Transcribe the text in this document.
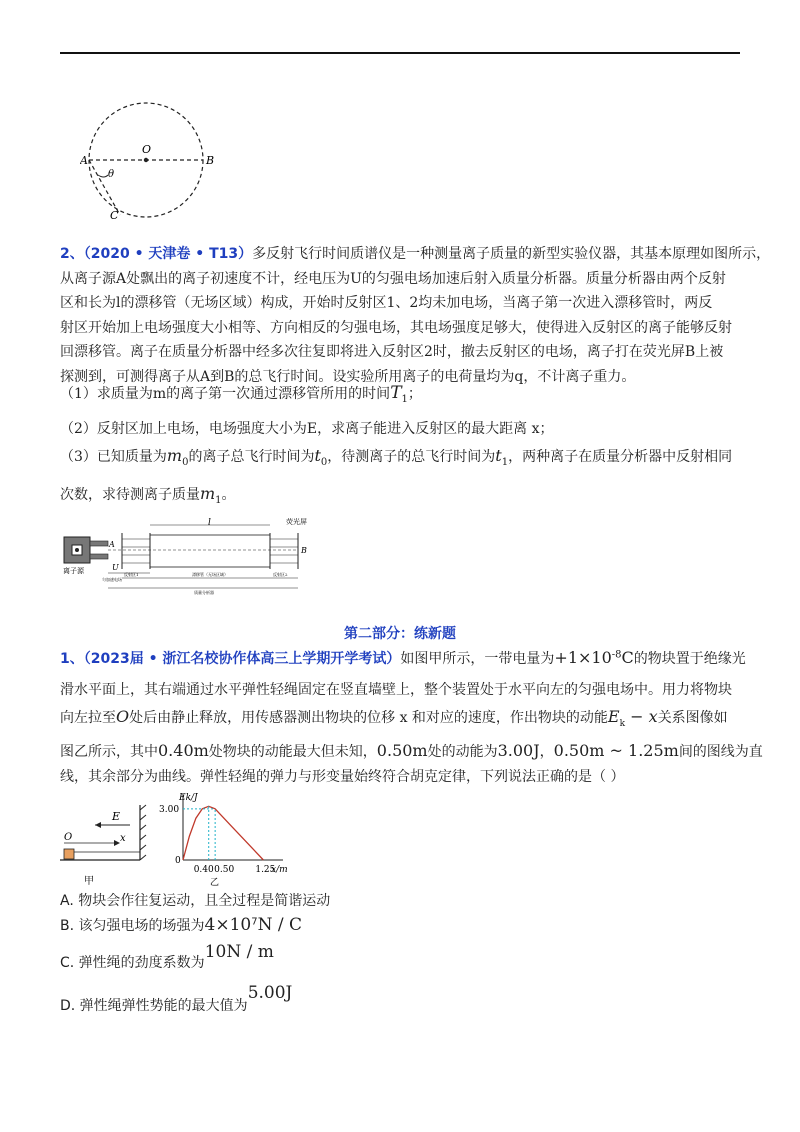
O
A	B
C
θ
2、（2020 • 天津卷 • T13）多反射飞行时间质谱仪是一种测量离子质量的新型实验仪器，其基本原理如图所示，
从离子源A处飘出的离子初速度不计，经电压为U的匀强电场加速后射入质量分析器。质量分析器由两个反射
区和长为l的漂移管（无场区域）构成，开始时反射区1、2均未加电场，当离子第一次进入漂移管时，两反
射区开始加上电场强度大小相等、方向相反的匀强电场，其电场强度足够大，使得进入反射区的离子能够反射
回漂移管。离子在质量分析器中经多次往复即将进入反射区2时，撤去反射区的电场，离子打在荧光屏B上被
探测到，可测得离子从A到B的总飞行时间。设实验所用离子的电荷量均为q，不计离子重力。
（1）求质量为m的离子第一次通过漂移管所用的时间$T_1$；
（2）反射区加上电场，电场强度大小为E，求离子能进入反射区的最大距离 x；
（3）已知质量为$m_0$的离子总飞行时间为$t_0$，待测离子的总飞行时间为$t_1$，两种离子在质量分析器中反射相同
次数，求待测离子质量$m_1$。
l	荧光屏
A
B
U
离子源
匀加速电场
反射区1	漂移管（无场区域）	反射区2
质量分析器
第二部分：练新题
1、（2023届 • 浙江名校协作体高三上学期开学考试）如图甲所示，一带电量为$+1\times 10^{-8}C$的物块置于绝缘光
滑水平面上，其右端通过水平弹性轻绳固定在竖直墙壁上，整个装置处于水平向左的匀强电场中。用力将物块
向左拉至O处后由静止释放，用传感器测出物块的位移 x 和对应的速度，作出物块的动能$E_k - x$关系图像如
图乙所示，其中0.40m处物块的动能最大但未知，0.50m处的动能为3.00J，0.50m ~ 1.25m间的图线为直
线，其余部分为曲线。弹性轻绳的弹力与形变量始终符合胡克定律，下列说法正确的是（ ）
E
O	x
甲
Ek/J
3.00
0
0.40 0.50 1.25
x/m
乙
A. 物块会作往复运动，且全过程是简谐运动
B. 该匀强电场的场强为$4\times 10^7N / C$
C. 弹性绳的劲度系数为10N / m
D. 弹性绳弹性势能的最大值为5.00J
